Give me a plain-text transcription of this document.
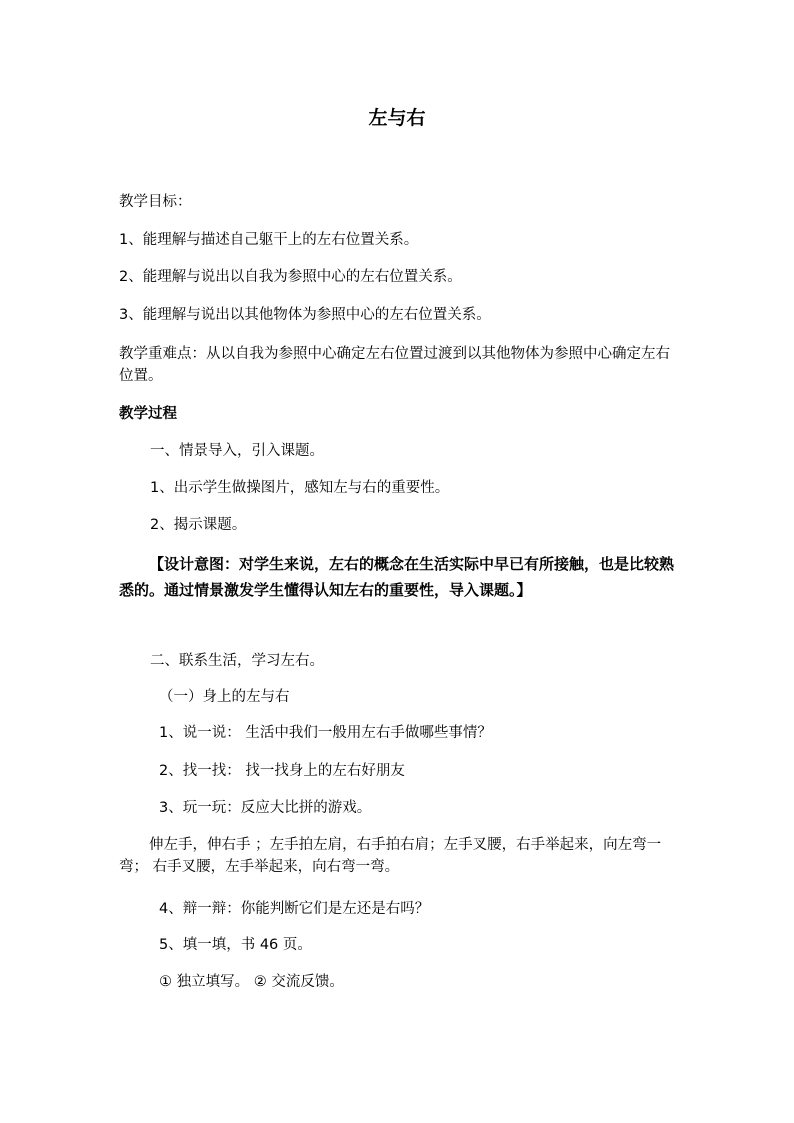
左与右
教学目标：
1、能理解与描述自己躯干上的左右位置关系。
2、能理解与说出以自我为参照中心的左右位置关系。
3、能理解与说出以其他物体为参照中心的左右位置关系。
教学重难点：从以自我为参照中心确定左右位置过渡到以其他物体为参照中心确定左右位置。
教学过程
一、情景导入，引入课题。
1、出示学生做操图片，感知左与右的重要性。
2、揭示课题。
【设计意图：对学生来说，左右的概念在生活实际中早已有所接触，也是比较熟悉的。通过情景激发学生懂得认知左右的重要性，导入课题。】
二、联系生活，学习左右。
（一）身上的左与右
1、说一说： 生活中我们一般用左右手做哪些事情？
2、找一找： 找一找身上的左右好朋友
3、玩一玩：反应大比拼的游戏。
伸左手，伸右手 ；左手拍左肩，右手拍右肩；左手叉腰，右手举起来，向左弯一弯； 右手叉腰，左手举起来，向右弯一弯。
4、辩一辩：你能判断它们是左还是右吗？
5、填一填，书 46 页。
① 独立填写。 ② 交流反馈。
